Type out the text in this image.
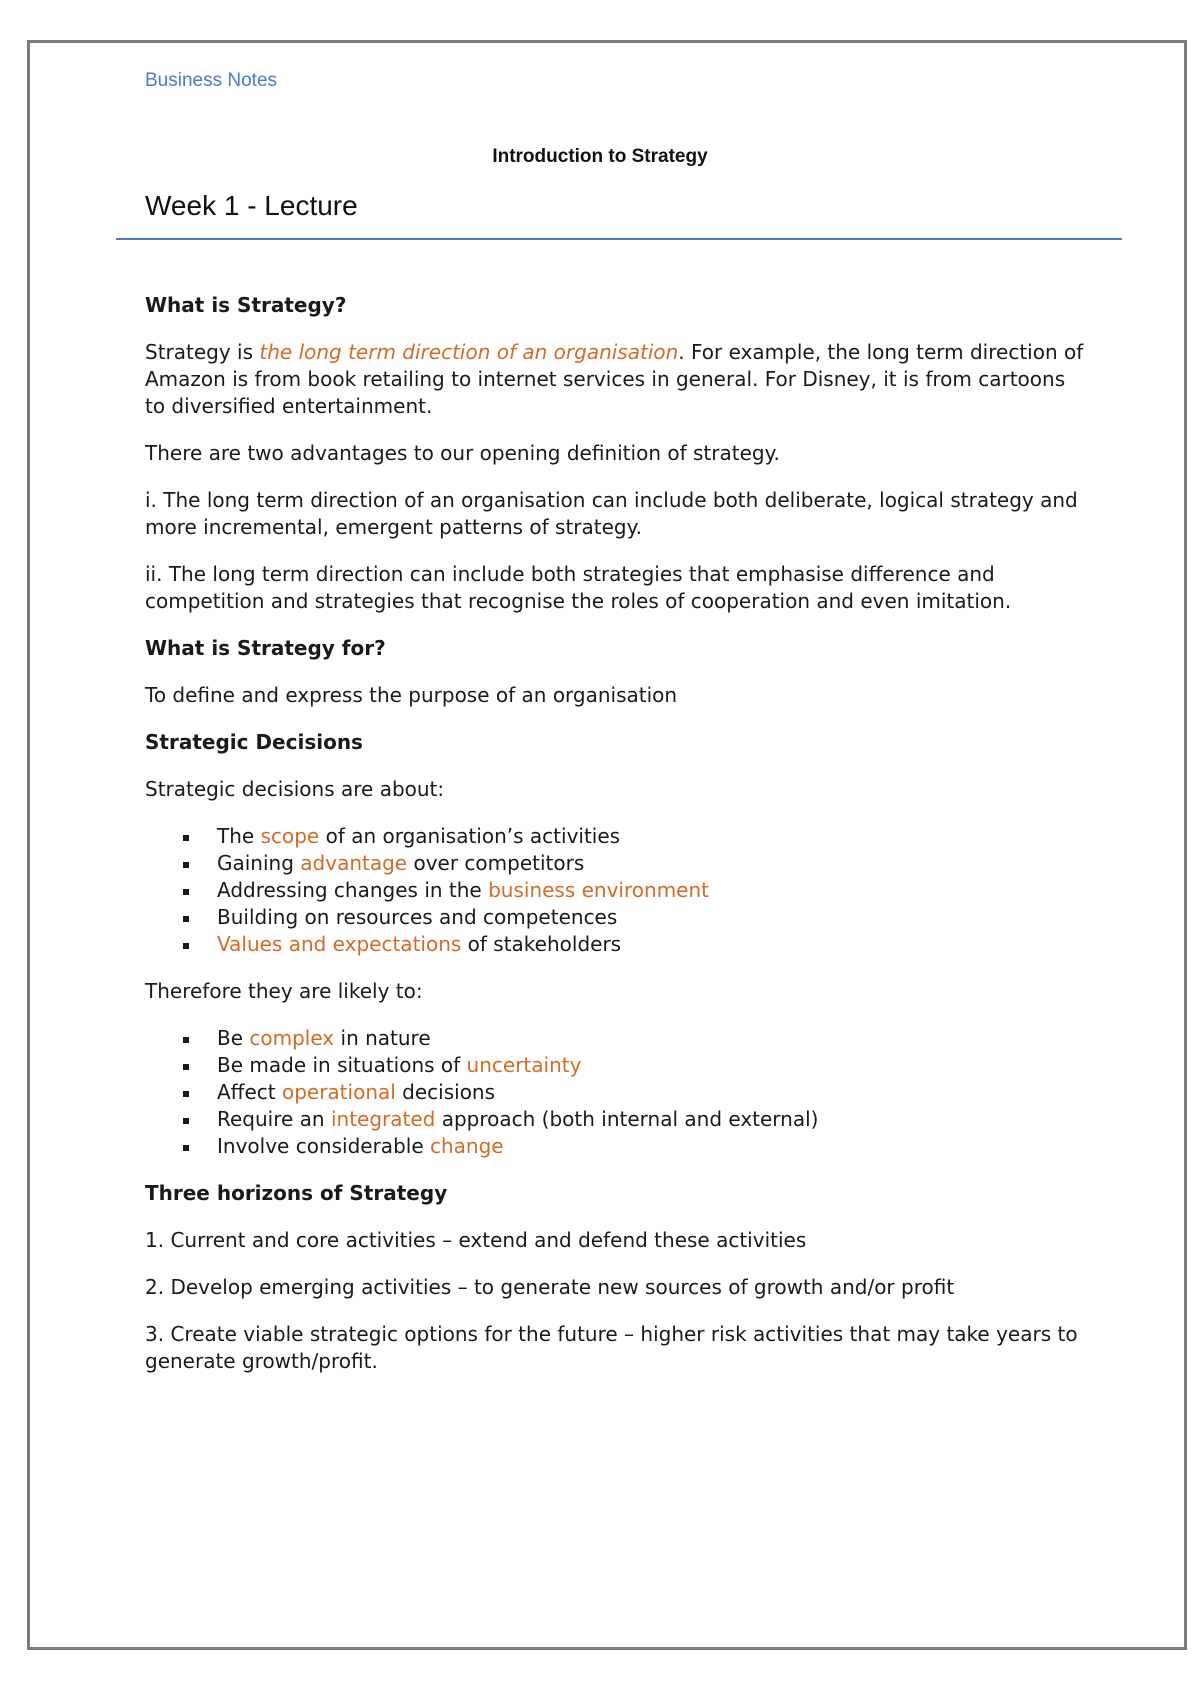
Business Notes
Introduction to Strategy
Week 1 - Lecture
What is Strategy?

Strategy is the long term direction of an organisation. For example, the long term direction of Amazon is from book retailing to internet services in general. For Disney, it is from cartoons to diversified entertainment.

There are two advantages to our opening definition of strategy.

i. The long term direction of an organisation can include both deliberate, logical strategy and more incremental, emergent patterns of strategy.

ii. The long term direction can include both strategies that emphasise difference and competition and strategies that recognise the roles of cooperation and even imitation.

What is Strategy for?

To define and express the purpose of an organisation

Strategic Decisions

Strategic decisions are about:

The scope of an organisation’s activities
Gaining advantage over competitors
Addressing changes in the business environment
Building on resources and competences
Values and expectations of stakeholders

Therefore they are likely to:

Be complex in nature
Be made in situations of uncertainty
Affect operational decisions
Require an integrated approach (both internal and external)
Involve considerable change
Three horizons of Strategy

1. Current and core activities – extend and defend these activities

2. Develop emerging activities – to generate new sources of growth and/or profit

3. Create viable strategic options for the future – higher risk activities that may take years to generate growth/profit.
